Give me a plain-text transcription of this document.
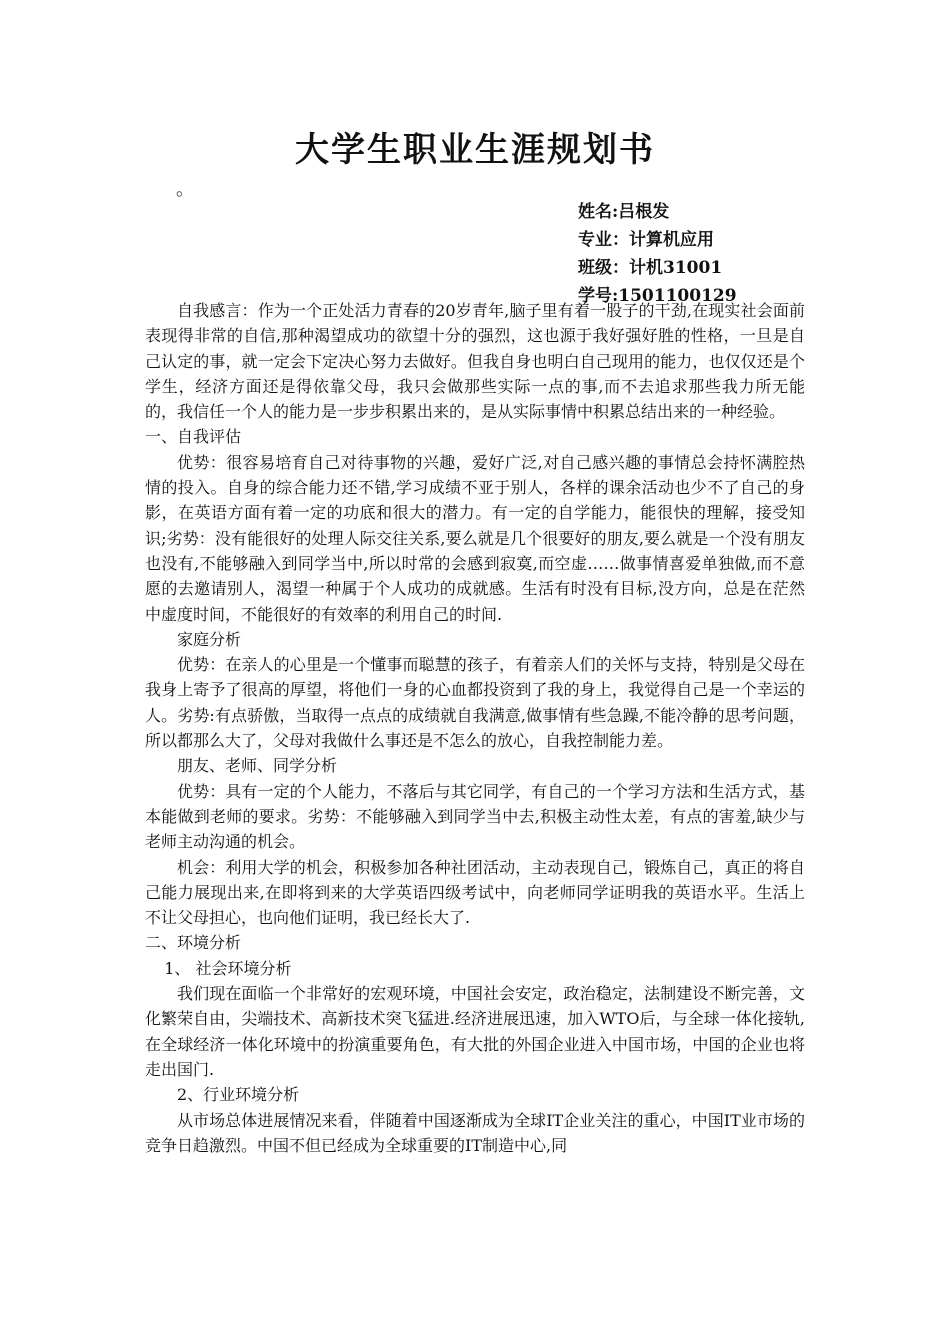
大学生职业生涯规划书
。
姓名:吕根发
专业：计算机应用
班级：计机31001
学号:1501100129

自我感言：作为一个正处活力青春的20岁青年,脑子里有着一股子的干劲,在现实社会面前表现得非常的自信,那种渴望成功的欲望十分的强烈，这也源于我好强好胜的性格，一旦是自己认定的事，就一定会下定决心努力去做好。但我自身也明白自己现用的能力，也仅仅还是个学生，经济方面还是得依靠父母，我只会做那些实际一点的事,而不去追求那些我力所无能的，我信任一个人的能力是一步步积累出来的，是从实际事情中积累总结出来的一种经验。

一、自我评估

优势：很容易培育自己对待事物的兴趣，爱好广泛,对自己感兴趣的事情总会持怀满腔热情的投入。自身的综合能力还不错,学习成绩不亚于别人，各样的课余活动也少不了自己的身影，在英语方面有着一定的功底和很大的潜力。有一定的自学能力，能很快的理解，接受知识;劣势：没有能很好的处理人际交往关系,要么就是几个很要好的朋友,要么就是一个没有朋友也没有,不能够融入到同学当中,所以时常的会感到寂寞,而空虚……做事情喜爱单独做,而不意愿的去邀请别人，渴望一种属于个人成功的成就感。生活有时没有目标,没方向，总是在茫然中虚度时间，不能很好的有效率的利用自己的时间.

家庭分析

优势：在亲人的心里是一个懂事而聪慧的孩子，有着亲人们的关怀与支持，特别是父母在我身上寄予了很高的厚望，将他们一身的心血都投资到了我的身上，我觉得自己是一个幸运的人。劣势:有点骄傲，当取得一点点的成绩就自我满意,做事情有些急躁,不能冷静的思考问题，所以都那么大了，父母对我做什么事还是不怎么的放心，自我控制能力差。

朋友、老师、同学分析

优势：具有一定的个人能力，不落后与其它同学，有自己的一个学习方法和生活方式，基本能做到老师的要求。劣势：不能够融入到同学当中去,积极主动性太差，有点的害羞,缺少与老师主动沟通的机会。

机会：利用大学的机会，积极参加各种社团活动，主动表现自己，锻炼自己，真正的将自己能力展现出来,在即将到来的大学英语四级考试中，向老师同学证明我的英语水平。生活上不让父母担心，也向他们证明，我已经长大了.

二、环境分析

1、 社会环境分析

我们现在面临一个非常好的宏观环境，中国社会安定，政治稳定，法制建设不断完善，文化繁荣自由，尖端技术、高新技术突飞猛进.经济进展迅速，加入WTO后，与全球一体化接轨,在全球经济一体化环境中的扮演重要角色，有大批的外国企业进入中国市场，中国的企业也将走出国门.

2、行业环境分析

从市场总体进展情况来看，伴随着中国逐渐成为全球IT企业关注的重心，中国IT业市场的竞争日趋激烈。中国不但已经成为全球重要的IT制造中心,同
